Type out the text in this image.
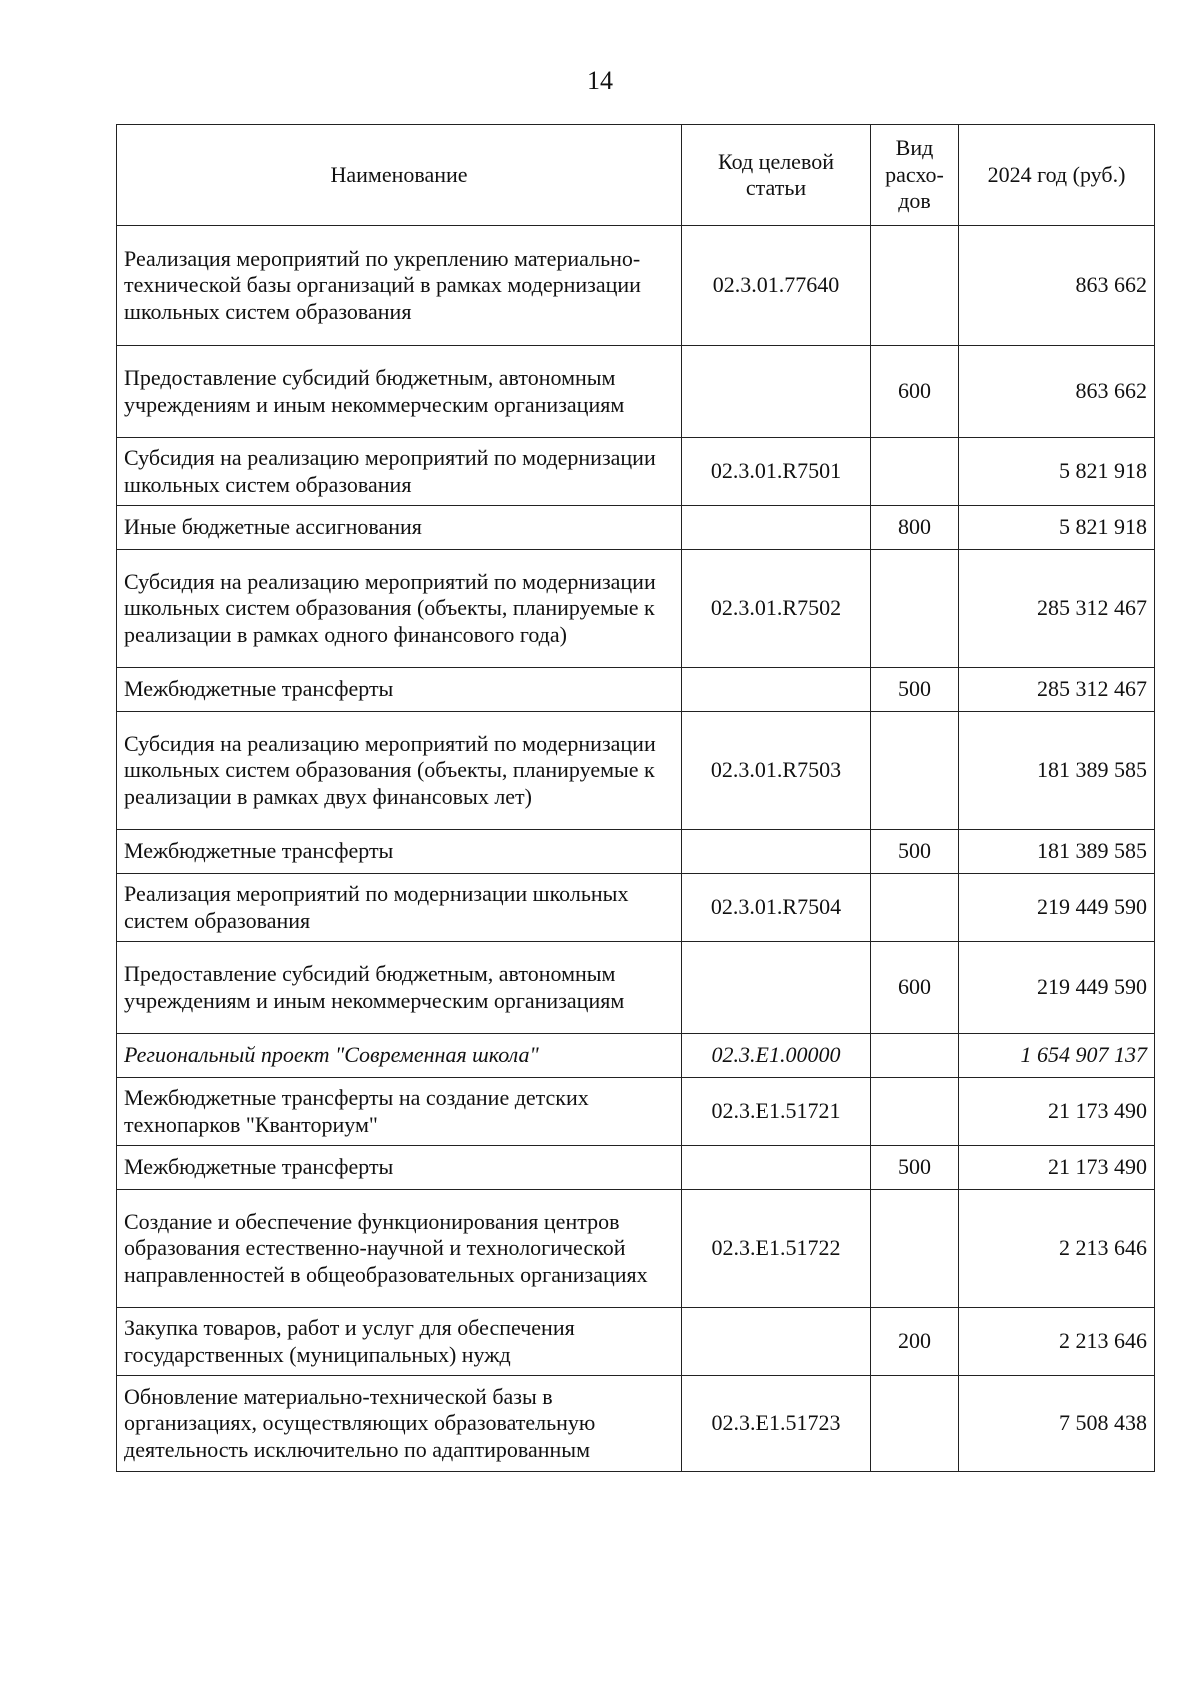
14
Наименование	Код целевой статьи	Вид расхо-дов	2024 год (руб.)
Реализация мероприятий по укреплению материально-технической базы организаций в рамках модернизации школьных систем образования	02.3.01.77640		863 662
Предоставление субсидий бюджетным, автономным учреждениям и иным некоммерческим организациям		600	863 662
Субсидия на реализацию мероприятий по модернизации школьных систем образования	02.3.01.R7501		5 821 918
Иные бюджетные ассигнования		800	5 821 918
Субсидия на реализацию мероприятий по модернизации школьных систем образования (объекты, планируемые к реализации в рамках одного финансового года)	02.3.01.R7502		285 312 467
Межбюджетные трансферты		500	285 312 467
Субсидия на реализацию мероприятий по модернизации школьных систем образования (объекты, планируемые к реализации в рамках двух финансовых лет)	02.3.01.R7503		181 389 585
Межбюджетные трансферты		500	181 389 585
Реализация мероприятий по модернизации школьных систем образования	02.3.01.R7504		219 449 590
Предоставление субсидий бюджетным, автономным учреждениям и иным некоммерческим организациям		600	219 449 590
Региональный проект "Современная школа"	02.3.E1.00000		1 654 907 137
Межбюджетные трансферты на создание детских технопарков "Кванториум"	02.3.E1.51721		21 173 490
Межбюджетные трансферты		500	21 173 490
Создание и обеспечение функционирования центров образования естественно-научной и технологической направленностей в общеобразовательных организациях	02.3.E1.51722		2 213 646
Закупка товаров, работ и услуг для обеспечения государственных (муниципальных) нужд		200	2 213 646
Обновление материально-технической базы в организациях, осуществляющих образовательную деятельность исключительно по адаптированным	02.3.E1.51723		7 508 438
